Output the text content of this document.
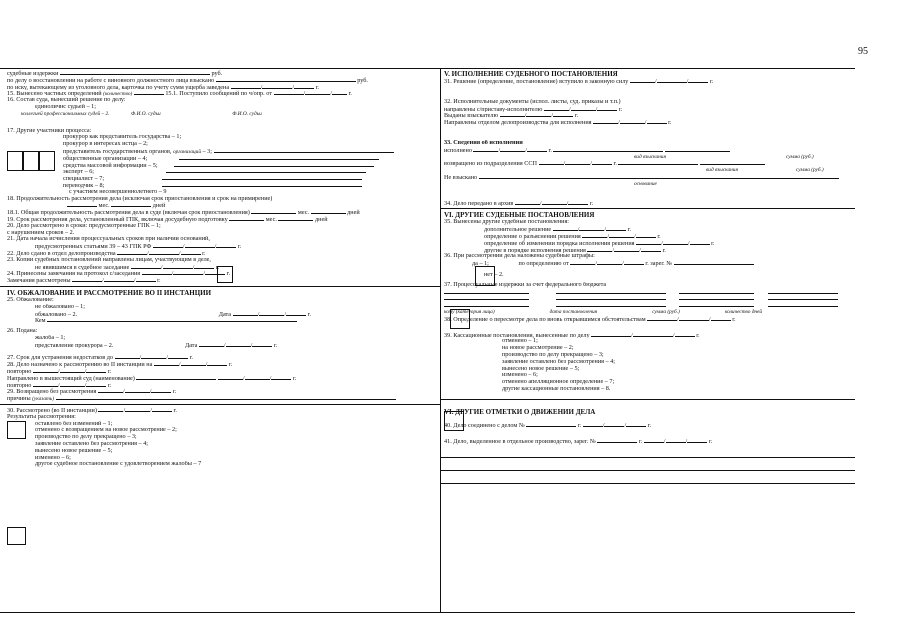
95
судебные издержки	руб.
по делу о восстановлении на работе с виновного должностного лица взыскано	руб.
по иску, вытекающему из уголовного дела, карточка по учету сумм ущерба заведена	/	/	г.
15. Вынесено частных определений (количество)	15.1. Поступило сообщений по ч/опр. от	/	/	г.
16. Состав суда, вынесший решение по делу:
единоличнс судьей – 1;
коллегией профессиональных судей – 2.	Ф.И.О. судьи	Ф.И.О. судьи
17. Другие участники процесса:
прокурор как представитель государства – 1;
прокурор в интересах истца – 2;
представитель государственных органов, организаций – 3;
общественные организации – 4;
средства массовой информации – 5;
эксперт – 6;
специалист – 7;
переводчик – 8;
с участием несовершеннолетнего – 9
18. Продолжительность рассмотрения дела (исключая срок приостановления и срок на примирение)
мес.	дней
18.1. Общая продолжительность рассмотрения дела в суде (включая срок приостановления)	мес.	дней
19. Срок рассмотрения дела, установленный ГПК, включая досудебную подготовку	мес.	дней
20. Дело рассмотрено в сроки: предусмотренные ГПК – 1;
с нарушением сроков – 2.
21. Дата начала исчисления процессуальных сроков при наличии оснований,
предусмотренных статьями 39 – 43 ГПК РФ	/	/	г.
22. Дело сдано в отдел делопроизводства	/	/	г.
23. Копии судебных постановлений направлены лицам, участвующим в деле,
не явившимся в судебное заседание	/	/	г.
24. Принесены замечания на протокол с/заседания	/	/	г.
Замечания рассмотрены	/	/	г.
IV. ОБЖАЛОВАНИЕ И РАССМОТРЕНИЕ ВО II ИНСТАНЦИИ
25. Обжалование:
не обжаловано – 1;
обжаловано – 2.	Дата	/	/	г.
Кем
26. Подана:
жалоба – 1;
представление прокурора – 2.	Дата	/	/	г.
27. Срок для устранения недостатков до	/	/	г.
28. Дело назначено к рассмотрению во II инстанции на	/	/	г.
повторно	/	/	г.
Направлено в вышестоящий суд (наименование)	/	/	г.
повторно	/	/	г.
29. Возвращено без рассмотрения	/	/	г.
причины (указать)
30. Рассмотрено (во II инстанции)	/	/	г.
Результаты рассмотрения:
оставлено без изменений – 1;
отменено с возвращением на новое рассмотрение – 2;
производство по делу прекращено – 3;
заявление оставлено без рассмотрения – 4;
вынесено новое решение – 5;
изменено – 6;
другое судебное постановление с удовлетворением жалобы – 7
V. ИСПОЛНЕНИЕ СУДЕБНОГО ПОСТАНОВЛЕНИЯ
31. Решение (определение, постановление) вступило в законную силу	/	/	г.
32. Исполнительные документы (испол. листы, суд. приказы и т.п.)
направлены с/приставу-исполнителю	/	/	г.
Выданы взыскателю	/	/	г.
Направлены отделом делопроизводства для исполнения	/	/	г.
33. Сведения об исполнении
исполнено	/	/	г.
вид взыскания	сумма (руб.)
возвращено из подразделения ССП	/	/	г.
вид взыскания	сумма (руб.)
Не взыскано
основание
34. Дело передано в архив	/	/	г.
VI. ДРУГИЕ СУДЕБНЫЕ ПОСТАНОВЛЕНИЯ
35. Вынесены другие судебные постановления:
дополнительное решение	/	/	г.
определение о разъяснении решения	/	/	г.
определение об изменении порядка исполнения решения	/	/	г.
другие в порядке исполнения решения	/	/	г.
36. При рассмотрении дела наложены судебные штрафы:
да – 1;	по определению от	/	/	г. зарег. №
нет – 2.
37. Процессуальные издержки за счет федерального бюджета

кому (категория лица)	дата постановления	сумма (руб.)	количество дней
38. Определение о пересмотре дела по вновь открывшимся обстоятельствам	/	/	г.
39. Кассационные постановления, вынесенные по делу	/	/	г.
отменено – 1;
на новое рассмотрение – 2;
производство по делу прекращено – 3;
заявление оставлено без рассмотрения – 4;
вынесено новое решение – 5;
изменено – 6;
отменено апелляционное определение – 7;
другие кассационные постановления – 8.
VI. ДРУГИЕ ОТМЕТКИ О ДВИЖЕНИИ ДЕЛА
40. Дело соединено с делом №	г.	/	/	г.
41. Дело, выделенное в отдельное производство, зарег. №	г.	/	/	г.
